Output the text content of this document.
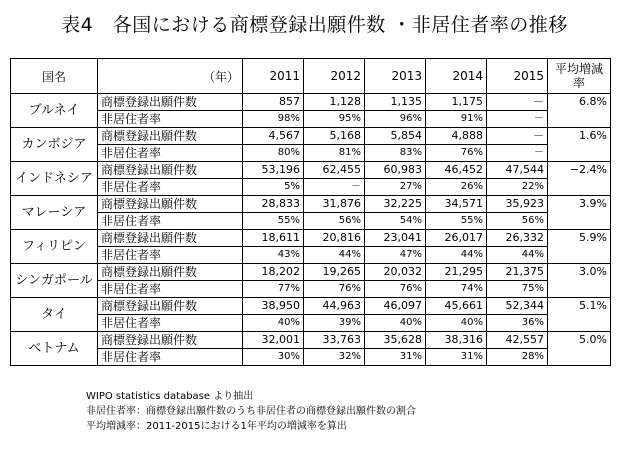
表4　各国における商標登録出願件数 ・非居住者率の推移
国名	（年）	2011	2012	2013	2014	2015	平均増減
率

ブルネイ	商標登録出願件数	857	1,128	1,135	1,175	－	6.8%
	非居住者率	98%	95%	96%	91%	－	
カンボジア	商標登録出願件数	4,567	5,168	5,854	4,888	－	1.6%
	非居住者率	80%	81%	83%	76%	－	
インドネシア	商標登録出願件数	53,196	62,455	60,983	46,452	47,544	−2.4%
	非居住者率	5%	－	27%	26%	22%	
マレーシア	商標登録出願件数	28,833	31,876	32,225	34,571	35,923	3.9%
	非居住者率	55%	56%	54%	55%	56%	
フィリピン	商標登録出願件数	18,611	20,816	23,041	26,017	26,332	5.9%
	非居住者率	43%	44%	47%	44%	44%	
シンガポール	商標登録出願件数	18,202	19,265	20,032	21,295	21,375	3.0%
	非居住者率	77%	76%	76%	74%	75%	
タイ	商標登録出願件数	38,950	44,963	46,097	45,661	52,344	5.1%
	非居住者率	40%	39%	40%	40%	36%	
ベトナム	商標登録出願件数	32,001	33,763	35,628	38,316	42,557	5.0%
	非居住者率	30%	32%	31%	31%	28%	
WIPO statistics database より抽出
非居住者率：商標登録出願件数のうち非居住者の商標登録出願件数の割合
平均増減率：2011-2015における1年平均の増減率を算出
